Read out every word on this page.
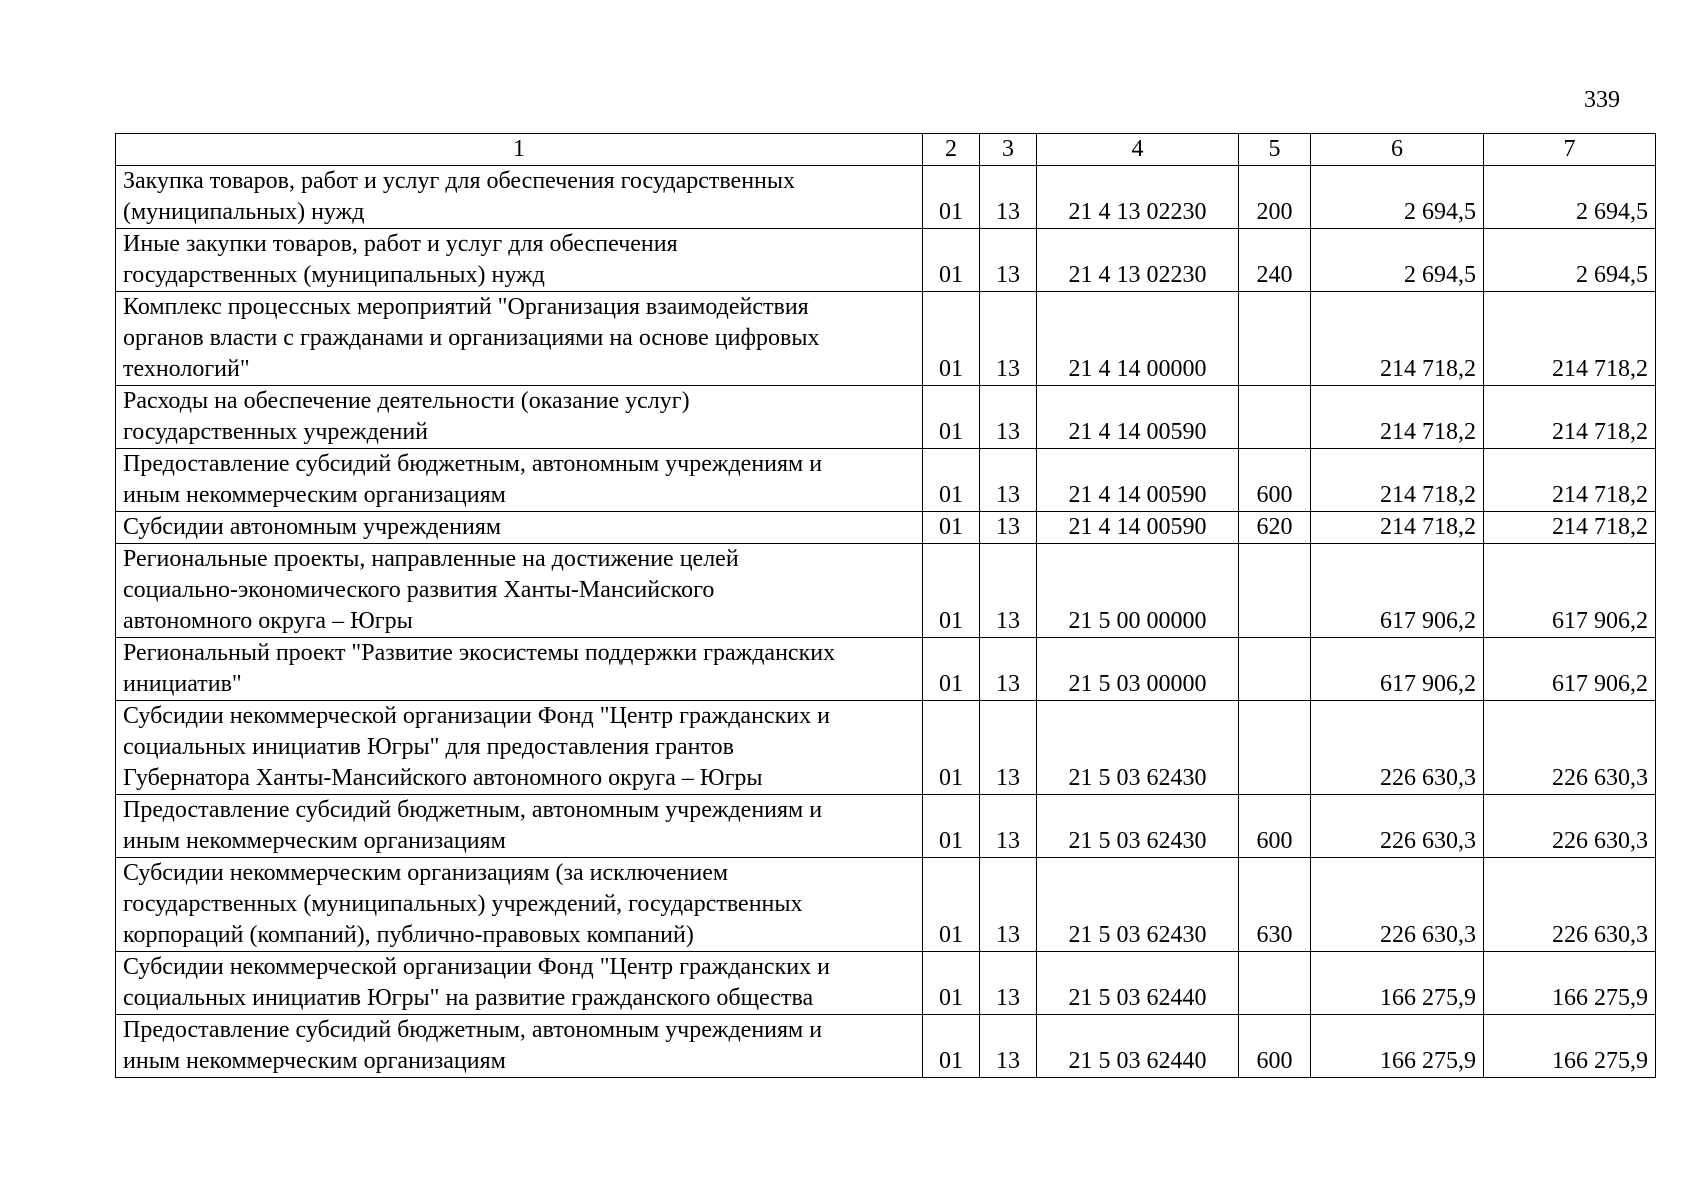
339
1	2	3	4	5	6	7

Закупка товаров, работ и услуг для обеспечения государственных
(муниципальных) нужд	01	13	21 4 13 02230	200	2 694,5	2 694,5

Иные закупки товаров, работ и услуг для обеспечения
государственных (муниципальных) нужд	01	13	21 4 13 02230	240	2 694,5	2 694,5

Комплекс процессных мероприятий "Организация взаимодействия
органов власти с гражданами и организациями на основе цифровых
технологий"	01	13	21 4 14 00000		214 718,2	214 718,2

Расходы на обеспечение деятельности (оказание услуг)
государственных учреждений	01	13	21 4 14 00590		214 718,2	214 718,2

Предоставление субсидий бюджетным, автономным учреждениям и
иным некоммерческим организациям	01	13	21 4 14 00590	600	214 718,2	214 718,2

Субсидии автономным учреждениям	01	13	21 4 14 00590	620	214 718,2	214 718,2

Региональные проекты, направленные на достижение целей
социально-экономического развития Ханты-Мансийского
автономного округа – Югры	01	13	21 5 00 00000		617 906,2	617 906,2

Региональный проект "Развитие экосистемы поддержки гражданских
инициатив"	01	13	21 5 03 00000		617 906,2	617 906,2

Субсидии некоммерческой организации Фонд "Центр гражданских и
социальных инициатив Югры" для предоставления грантов
Губернатора Ханты-Мансийского автономного округа – Югры	01	13	21 5 03 62430		226 630,3	226 630,3

Предоставление субсидий бюджетным, автономным учреждениям и
иным некоммерческим организациям	01	13	21 5 03 62430	600	226 630,3	226 630,3

Субсидии некоммерческим организациям (за исключением
государственных (муниципальных) учреждений, государственных
корпораций (компаний), публично-правовых компаний)	01	13	21 5 03 62430	630	226 630,3	226 630,3

Субсидии некоммерческой организации Фонд "Центр гражданских и
социальных инициатив Югры" на развитие гражданского общества	01	13	21 5 03 62440		166 275,9	166 275,9

Предоставление субсидий бюджетным, автономным учреждениям и
иным некоммерческим организациям	01	13	21 5 03 62440	600	166 275,9	166 275,9
